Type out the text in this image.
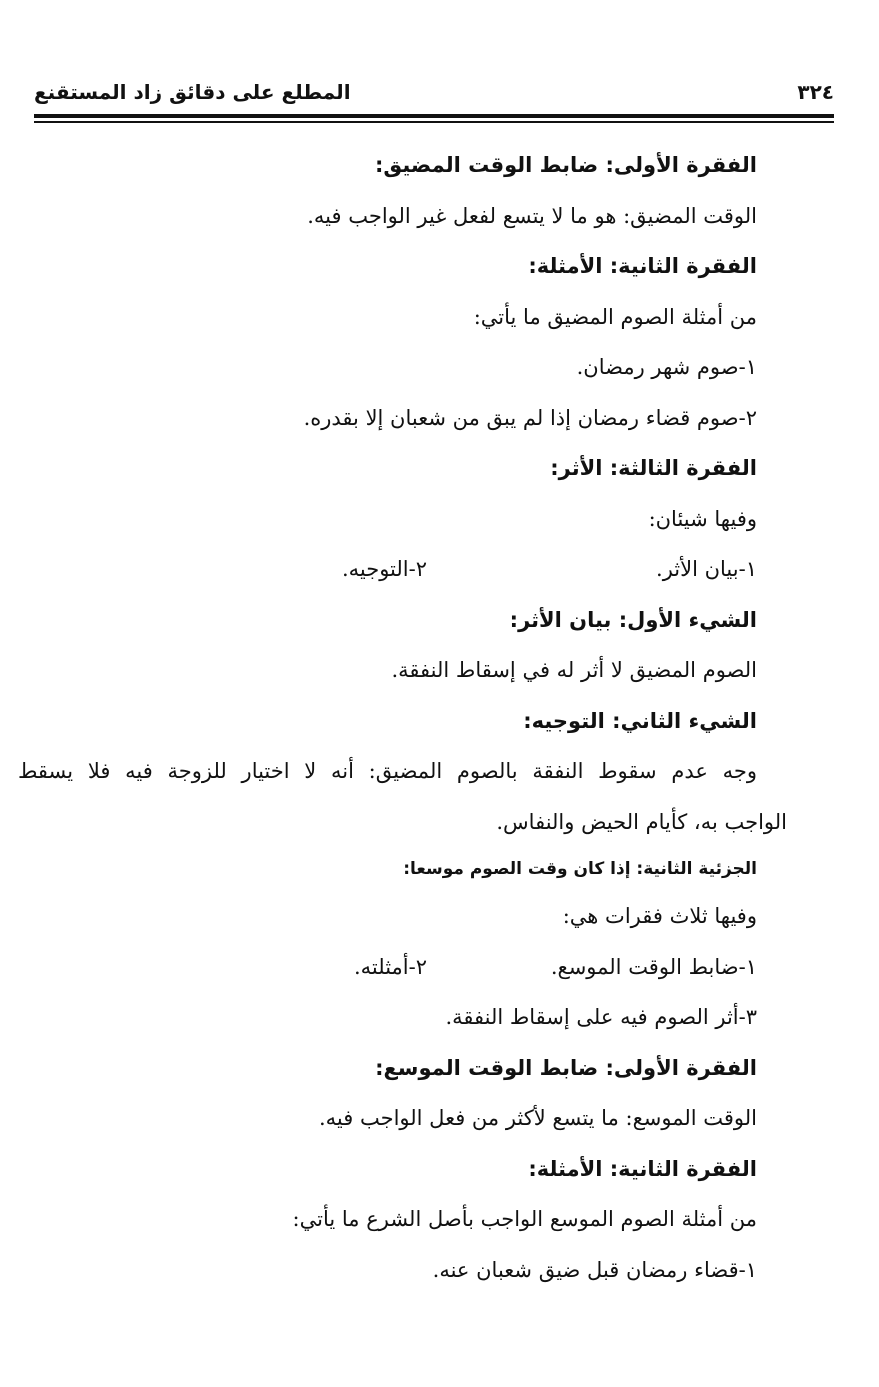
٣٢٤
المطلع على دقائق زاد المستقنع
الفقرة الأولى: ضابط الوقت المضيق:
الوقت المضيق: هو ما لا يتسع لفعل غير الواجب فيه.
الفقرة الثانية: الأمثلة:
من أمثلة الصوم المضيق ما يأتي:
١-صوم شهر رمضان.
٢-صوم قضاء رمضان إذا لم يبق من شعبان إلا بقدره.
الفقرة الثالثة: الأثر:
وفيها شيئان:
١-بيان الأثر.
٢-التوجيه.
الشيء الأول: بيان الأثر:
الصوم المضيق لا أثر له في إسقاط النفقة.
الشيء الثاني: التوجيه:
وجه عدم سقوط النفقة بالصوم المضيق: أنه لا اختيار للزوجة فيه فلا يسقط
الواجب به، كأيام الحيض والنفاس.
الجزئية الثانية: إذا كان وقت الصوم موسعا:
وفيها ثلاث فقرات هي:
١-ضابط الوقت الموسع.
٢-أمثلته.
٣-أثر الصوم فيه على إسقاط النفقة.
الفقرة الأولى: ضابط الوقت الموسع:
الوقت الموسع: ما يتسع لأكثر من فعل الواجب فيه.
الفقرة الثانية: الأمثلة:
من أمثلة الصوم الموسع الواجب بأصل الشرع ما يأتي:
١-قضاء رمضان قبل ضيق شعبان عنه.
